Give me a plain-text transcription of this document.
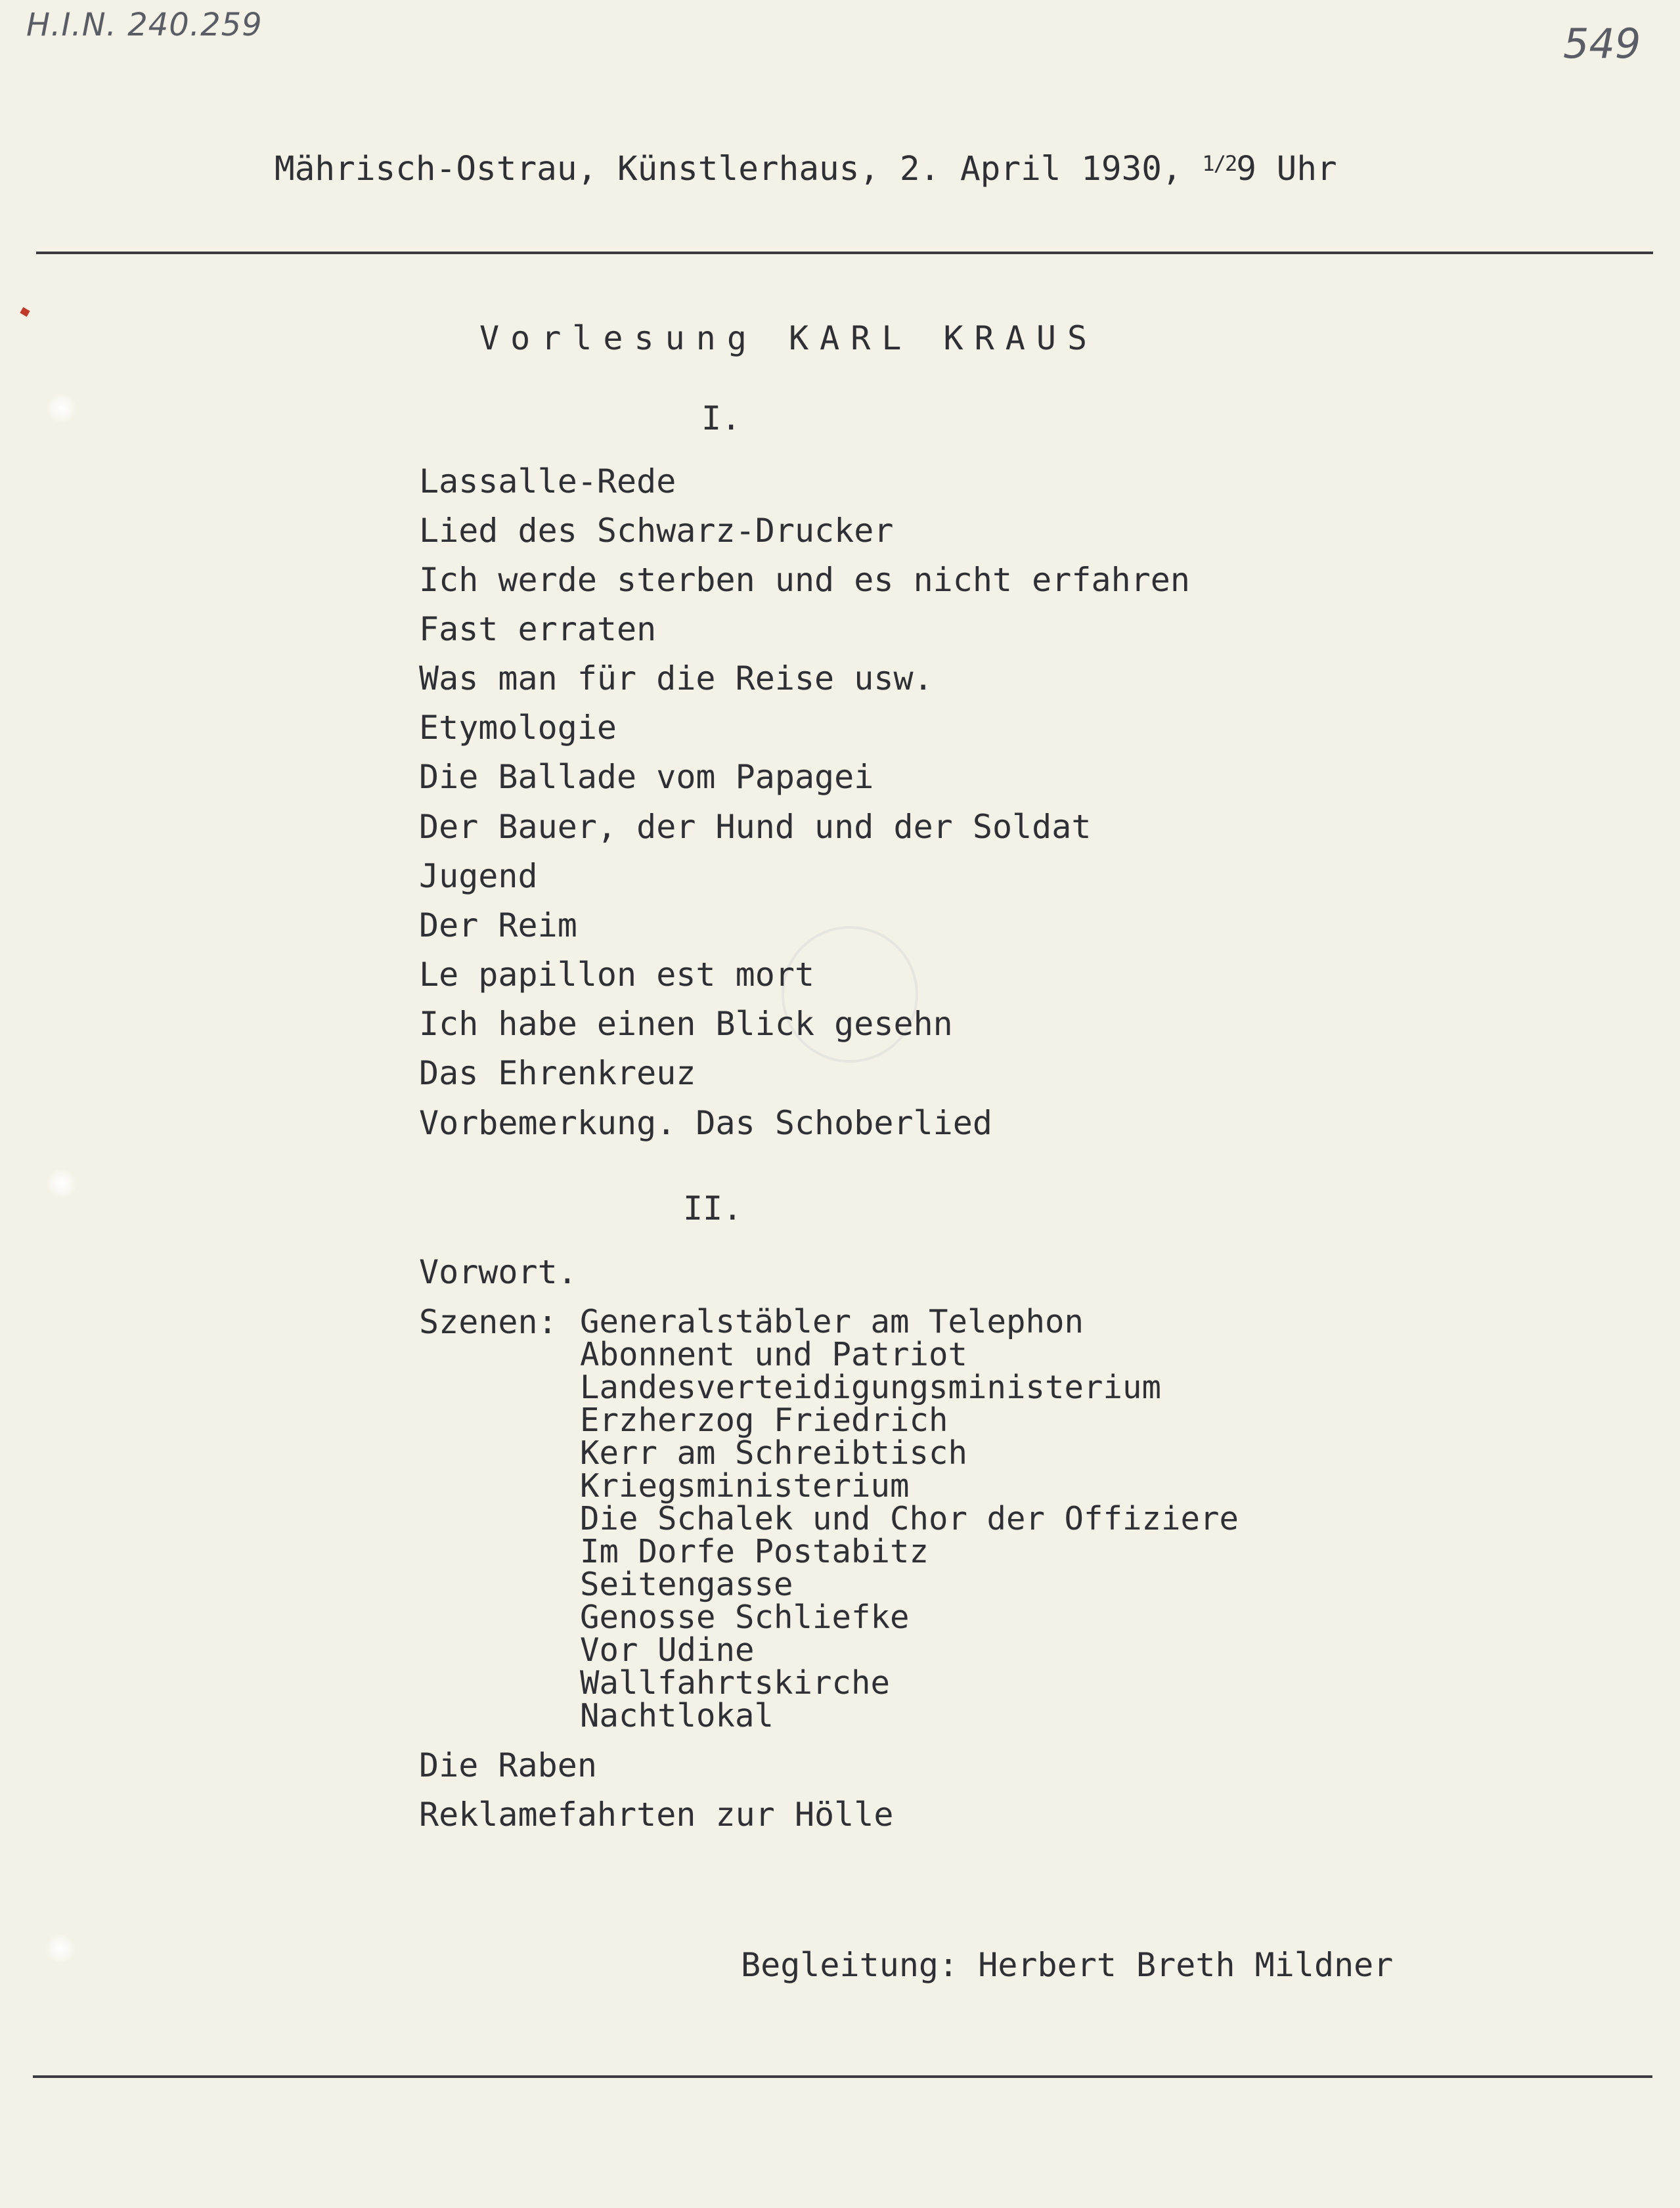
H.I.N. 240.259	549
Mährisch-Ostrau, Künstlerhaus, 2. April 1930, $^{1/2}$9 Uhr
Vorlesung KARL KRAUS
I.
Lassalle-Rede
Lied des Schwarz-Drucker
Ich werde sterben und es nicht erfahren
Fast erraten
Was man für die Reise usw.
Etymologie
Die Ballade vom Papagei
Der Bauer, der Hund und der Soldat
Jugend
Der Reim
Le papillon est mort
Ich habe einen Blick gesehn
Das Ehrenkreuz
Vorbemerkung. Das Schoberlied
II.
Vorwort.
Szenen: Generalstäbler am Telephon
Abonnent und Patriot
Landesverteidigungsministerium
Erzherzog Friedrich
Kerr am Schreibtisch
Kriegsministerium
Die Schalek und Chor der Offiziere
Im Dorfe Postabitz
Seitengasse
Genosse Schliefke
Vor Udine
Wallfahrtskirche
Nachtlokal
Die Raben
Reklamefahrten zur Hölle
Begleitung: Herbert Breth Mildner
